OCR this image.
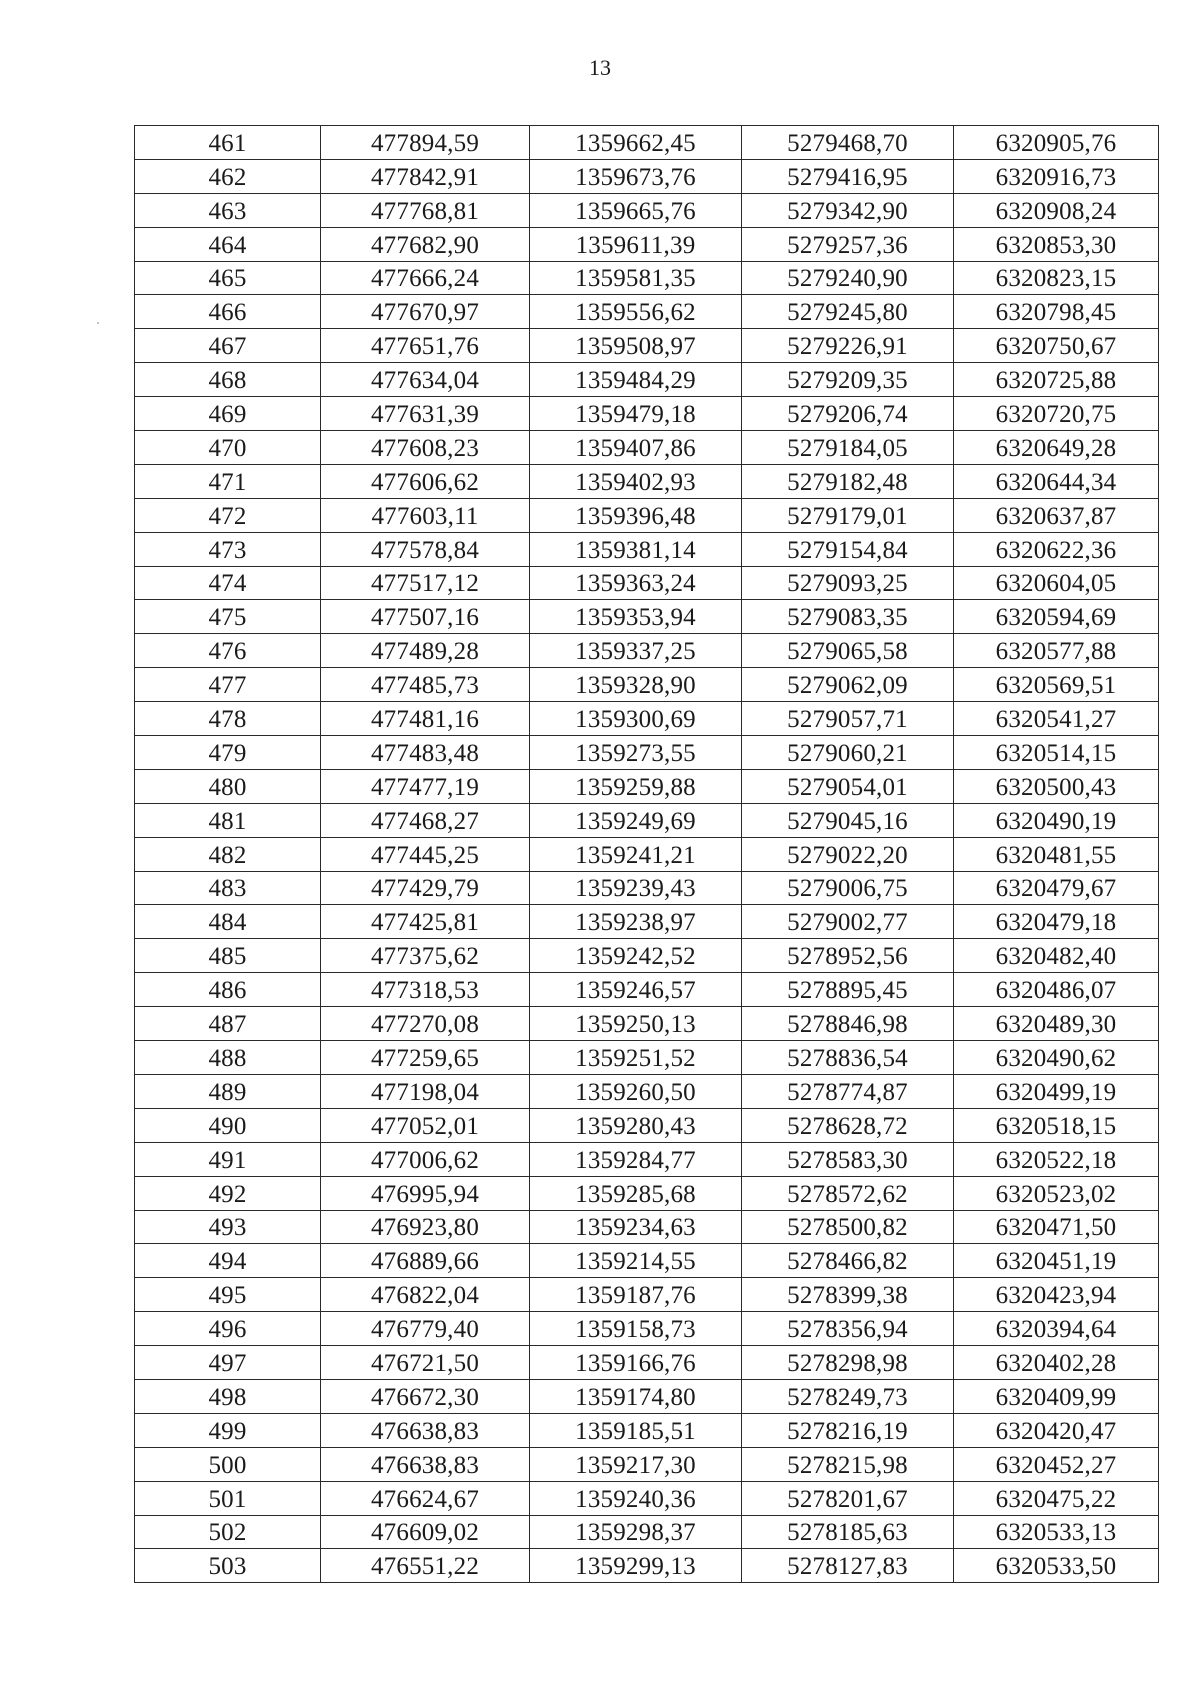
13
461	477894,59	1359662,45	5279468,70	6320905,76
462	477842,91	1359673,76	5279416,95	6320916,73
463	477768,81	1359665,76	5279342,90	6320908,24
464	477682,90	1359611,39	5279257,36	6320853,30
465	477666,24	1359581,35	5279240,90	6320823,15
466	477670,97	1359556,62	5279245,80	6320798,45
467	477651,76	1359508,97	5279226,91	6320750,67
468	477634,04	1359484,29	5279209,35	6320725,88
469	477631,39	1359479,18	5279206,74	6320720,75
470	477608,23	1359407,86	5279184,05	6320649,28
471	477606,62	1359402,93	5279182,48	6320644,34
472	477603,11	1359396,48	5279179,01	6320637,87
473	477578,84	1359381,14	5279154,84	6320622,36
474	477517,12	1359363,24	5279093,25	6320604,05
475	477507,16	1359353,94	5279083,35	6320594,69
476	477489,28	1359337,25	5279065,58	6320577,88
477	477485,73	1359328,90	5279062,09	6320569,51
478	477481,16	1359300,69	5279057,71	6320541,27
479	477483,48	1359273,55	5279060,21	6320514,15
480	477477,19	1359259,88	5279054,01	6320500,43
481	477468,27	1359249,69	5279045,16	6320490,19
482	477445,25	1359241,21	5279022,20	6320481,55
483	477429,79	1359239,43	5279006,75	6320479,67
484	477425,81	1359238,97	5279002,77	6320479,18
485	477375,62	1359242,52	5278952,56	6320482,40
486	477318,53	1359246,57	5278895,45	6320486,07
487	477270,08	1359250,13	5278846,98	6320489,30
488	477259,65	1359251,52	5278836,54	6320490,62
489	477198,04	1359260,50	5278774,87	6320499,19
490	477052,01	1359280,43	5278628,72	6320518,15
491	477006,62	1359284,77	5278583,30	6320522,18
492	476995,94	1359285,68	5278572,62	6320523,02
493	476923,80	1359234,63	5278500,82	6320471,50
494	476889,66	1359214,55	5278466,82	6320451,19
495	476822,04	1359187,76	5278399,38	6320423,94
496	476779,40	1359158,73	5278356,94	6320394,64
497	476721,50	1359166,76	5278298,98	6320402,28
498	476672,30	1359174,80	5278249,73	6320409,99
499	476638,83	1359185,51	5278216,19	6320420,47
500	476638,83	1359217,30	5278215,98	6320452,27
501	476624,67	1359240,36	5278201,67	6320475,22
502	476609,02	1359298,37	5278185,63	6320533,13
503	476551,22	1359299,13	5278127,83	6320533,50
